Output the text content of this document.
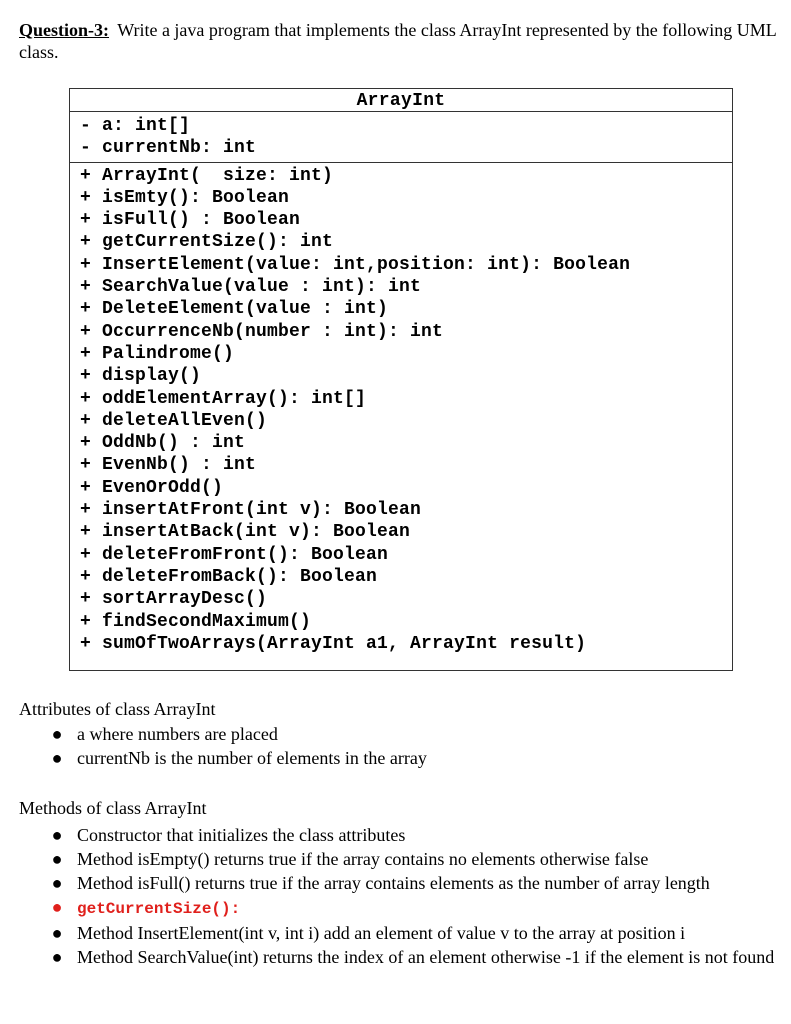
Question-3: Write a java program that implements the class ArrayInt represented by the following UML class.
ArrayInt
- a: int[]
- currentNb: int
+ ArrayInt(  size: int)
+ isEmty(): Boolean
+ isFull() : Boolean
+ getCurrentSize(): int
+ InsertElement(value: int,position: int): Boolean
+ SearchValue(value : int): int
+ DeleteElement(value : int)
+ OccurrenceNb(number : int): int
+ Palindrome()
+ display()
+ oddElementArray(): int[]
+ deleteAllEven()
+ OddNb() : int
+ EvenNb() : int
+ EvenOrOdd()
+ insertAtFront(int v): Boolean
+ insertAtBack(int v): Boolean
+ deleteFromFront(): Boolean
+ deleteFromBack(): Boolean
+ sortArrayDesc()
+ findSecondMaximum()
+ sumOfTwoArrays(ArrayInt a1, ArrayInt result)
Attributes of class ArrayInt
● a where numbers are placed
● currentNb is the number of elements in the array
Methods of class ArrayInt
● Constructor that initializes the class attributes
● Method isEmpty() returns true if the array contains no elements otherwise false
● Method isFull() returns true if the array contains elements as the number of array length
● getCurrentSize():
● Method InsertElement(int v, int i) add an element of value v to the array at position i
● Method SearchValue(int) returns the index of an element otherwise -1 if the element is not found
